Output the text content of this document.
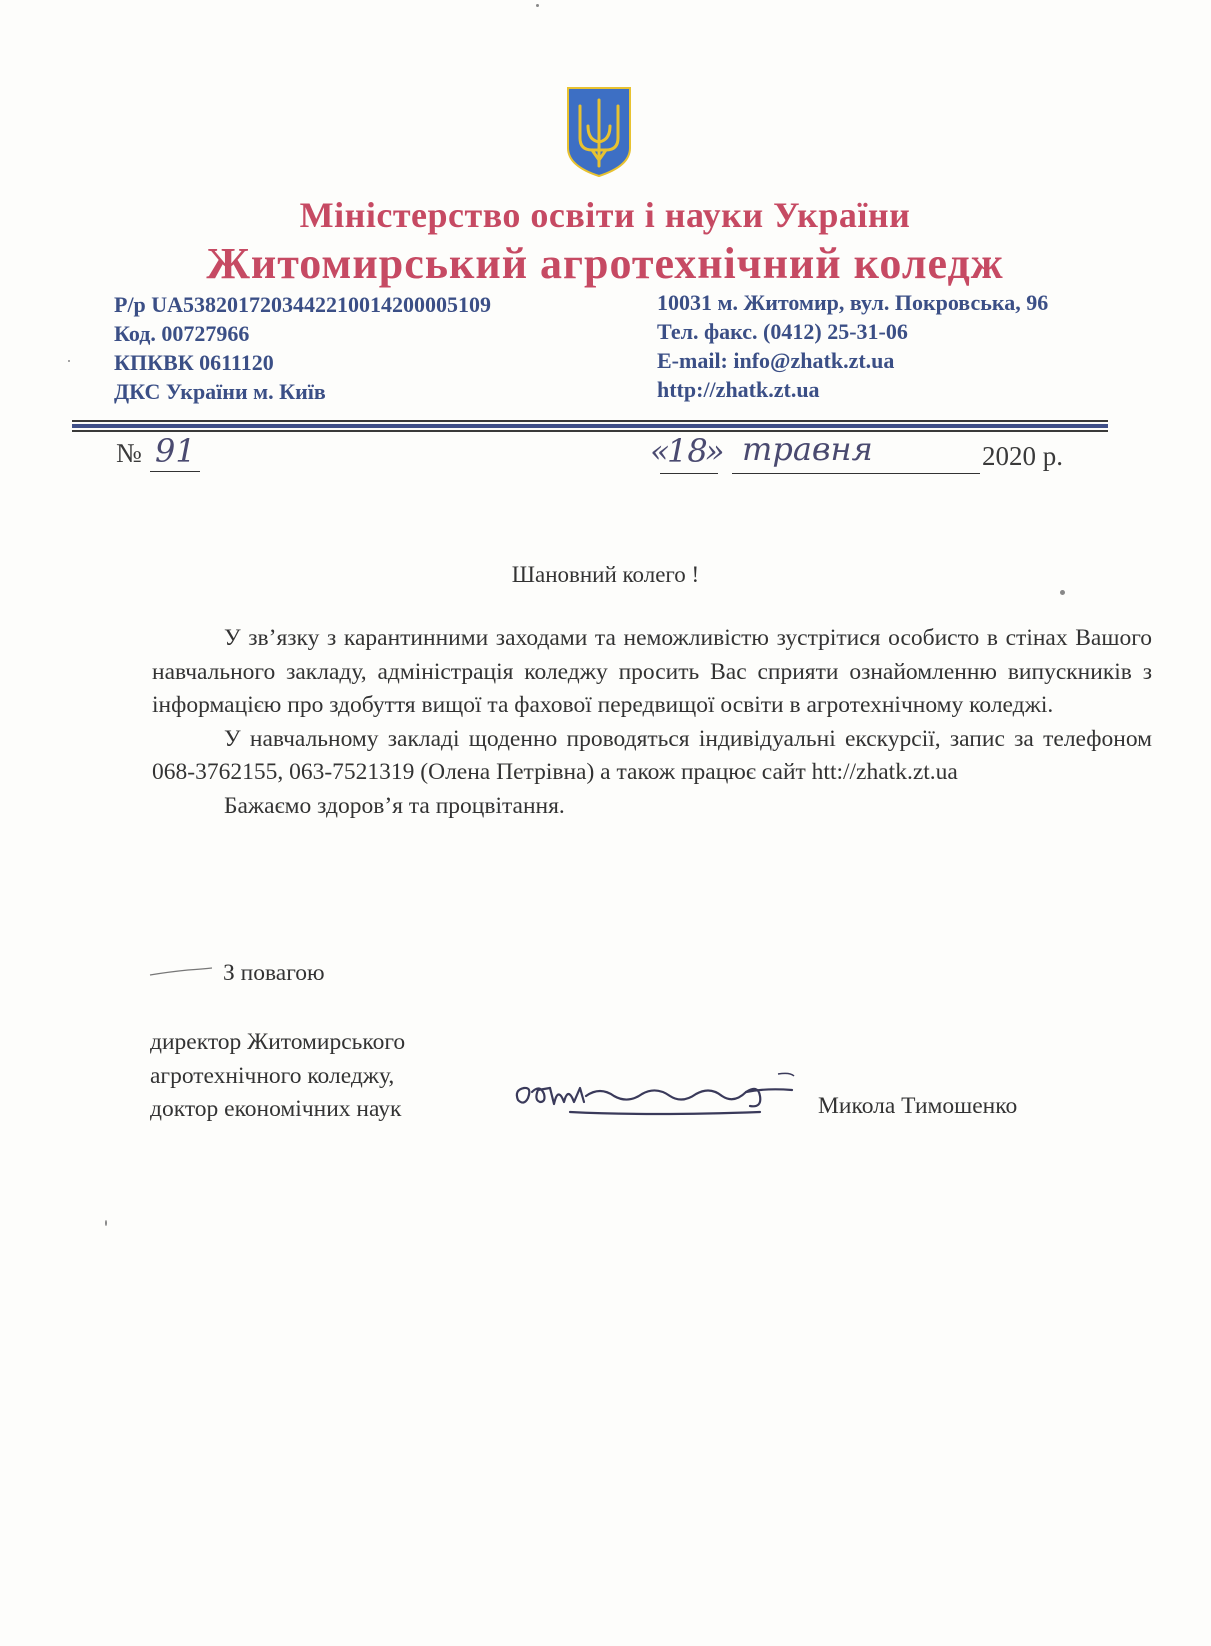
Міністерство освіти і науки України
Житомирський агротехнічний коледж
Р/р UA538201720344221001420000510​9
Код. 00727966
КПКВК 0611120
ДКС України м. Київ
10031 м. Житомир, вул. Покровська, 96
Тел. факс. (0412) 25-31-06
E-mail: info@zhatk.zt.ua
http://zhatk.zt.ua
№ 91	«
18
» травня	2020 р.
Шановний колего !

У зв’язку з карантинними заходами та неможливістю зустрітися особисто в стінах Вашого навчального закладу, адміністрація коледжу просить Вас сприяти ознайомленню випускників з інформацією про здобуття вищої та фахової передвищої освіти в агротехнічному коледжі.

У навчальному закладі щоденно проводяться індивідуальні екскурсії, запис за телефоном 068-3762155, 063-7521319 (Олена Петрівна) а також працює сайт htt://zhatk.zt.ua

Бажаємо здоров’я та процвітання.

З повагою
директор Житомирського
агротехнічного коледжу,
доктор економічних наук	Микола Тимошенко
